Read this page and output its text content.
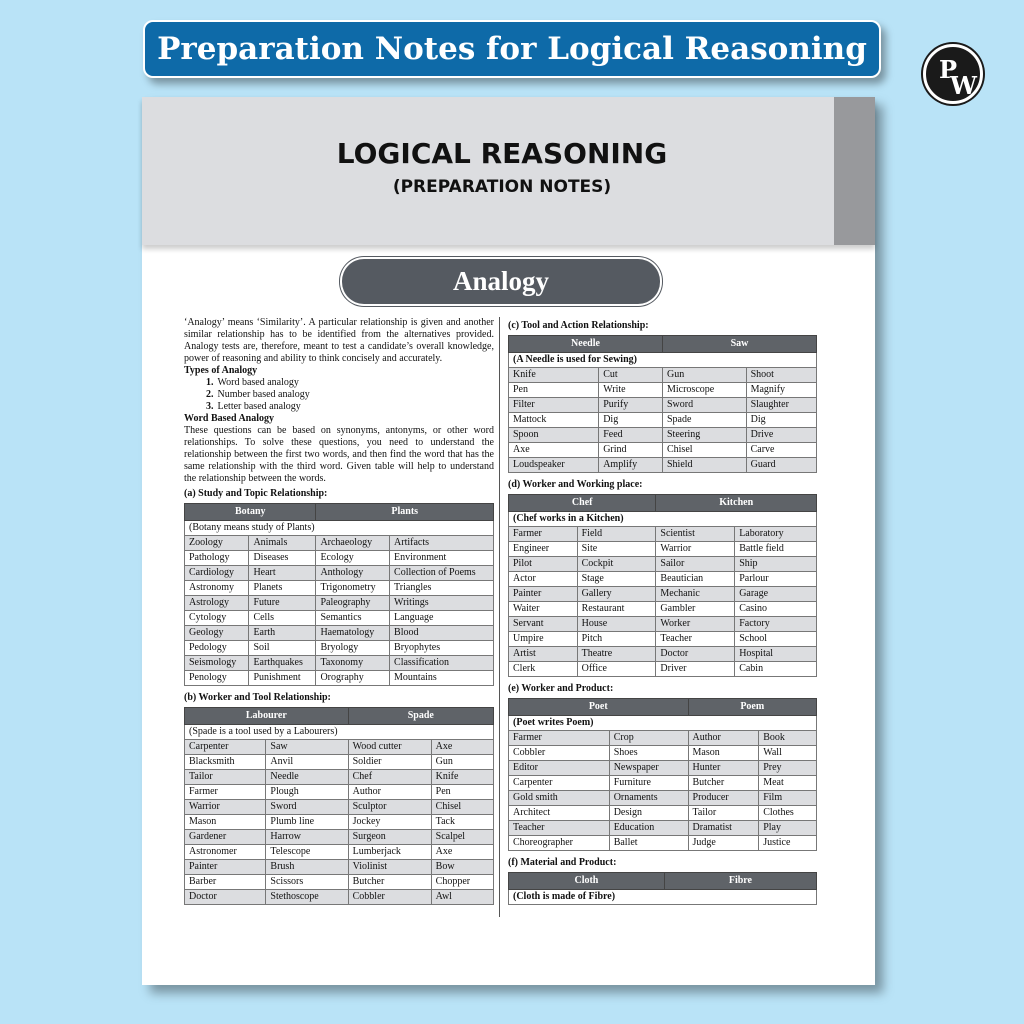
Preparation Notes for Logical Reasoning
P
W
LOGICAL REASONING
(PREPARATION NOTES)
Analogy

‘Analogy’ means ‘Similarity’. A particular relationship is given and another similar relationship has to be identified from the alternatives provided. Analogy tests are, therefore, meant to test a candidate’s overall knowledge, power of reasoning and ability to think concisely and accurately.

Types of Analogy

1. Word based analogy
2. Number based analogy
3. Letter based analogy

Word Based Analogy

These questions can be based on synonyms, antonyms, or other word relationships. To solve these questions, you need to understand the relationship between the first two words, and then find the word that has the same relationship with the third word. Given table will help to understand the relationship between the words.

(a) Study and Topic Relationship:
Botany		Plants	
(Botany means study of Plants)			
Zoology	Animals	Archaeology	Artifacts
Pathology	Diseases	Ecology	Environment
Cardiology	Heart	Anthology	Collection of Poems
Astronomy	Planets	Trigonometry	Triangles
Astrology	Future	Paleography	Writings
Cytology	Cells	Semantics	Language
Geology	Earth	Haematology	Blood
Pedology	Soil	Bryology	Bryophytes
Seismology	Earthquakes	Taxonomy	Classification
Penology	Punishment	Orography	Mountains
(b) Worker and Tool Relationship:
Labourer		Spade	
(Spade is a tool used by a Labourers)			
Carpenter	Saw	Wood cutter	Axe
Blacksmith	Anvil	Soldier	Gun
Tailor	Needle	Chef	Knife
Farmer	Plough	Author	Pen
Warrior	Sword	Sculptor	Chisel
Mason	Plumb line	Jockey	Tack
Gardener	Harrow	Surgeon	Scalpel
Astronomer	Telescope	Lumberjack	Axe
Painter	Brush	Violinist	Bow
Barber	Scissors	Butcher	Chopper
Doctor	Stethoscope	Cobbler	Awl
(c) Tool and Action Relationship:
Needle		Saw	
(A Needle is used for Sewing)			
Knife	Cut	Gun	Shoot
Pen	Write	Microscope	Magnify
Filter	Purify	Sword	Slaughter
Mattock	Dig	Spade	Dig
Spoon	Feed	Steering	Drive
Axe	Grind	Chisel	Carve
Loudspeaker	Amplify	Shield	Guard
(d) Worker and Working place:
Chef		Kitchen	
(Chef works in a Kitchen)			
Farmer	Field	Scientist	Laboratory
Engineer	Site	Warrior	Battle field
Pilot	Cockpit	Sailor	Ship
Actor	Stage	Beautician	Parlour
Painter	Gallery	Mechanic	Garage
Waiter	Restaurant	Gambler	Casino
Servant	House	Worker	Factory
Umpire	Pitch	Teacher	School
Artist	Theatre	Doctor	Hospital
Clerk	Office	Driver	Cabin
(e) Worker and Product:
Poet		Poem	
(Poet writes Poem)			
Farmer	Crop	Author	Book
Cobbler	Shoes	Mason	Wall
Editor	Newspaper	Hunter	Prey
Carpenter	Furniture	Butcher	Meat
Gold smith	Ornaments	Producer	Film
Architect	Design	Tailor	Clothes
Teacher	Education	Dramatist	Play
Choreographer	Ballet	Judge	Justice
(f) Material and Product:
Cloth	Fibre
(Cloth is made of Fibre)
